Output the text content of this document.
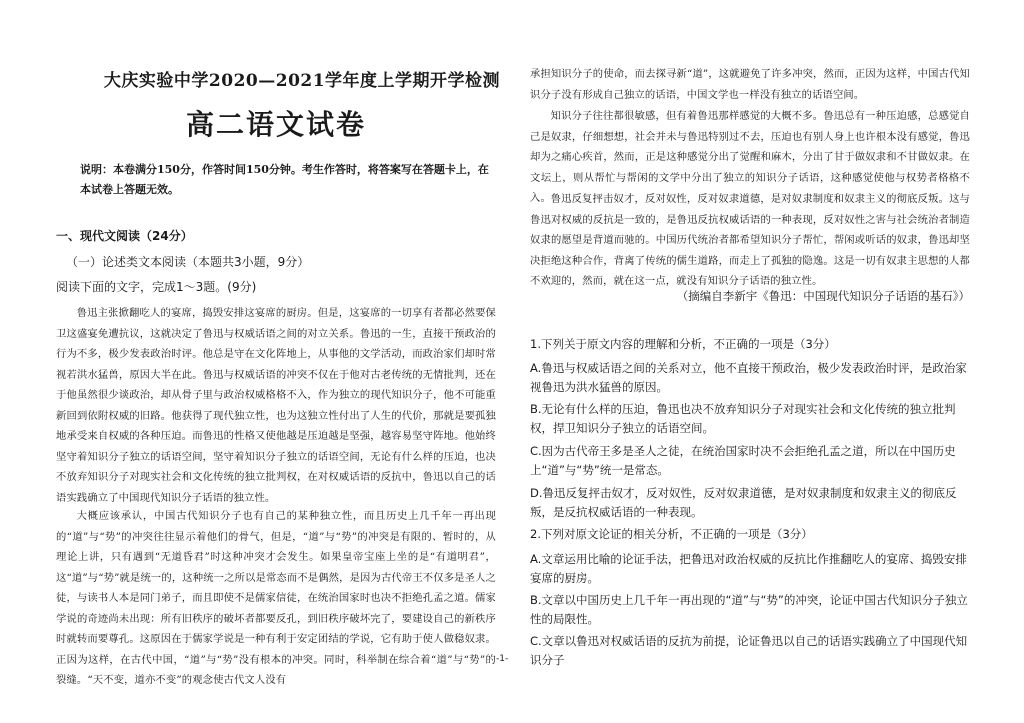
大庆实验中学2020—2021学年度上学期开学检测
高二语文试卷
说明：本卷满分150分，作答时间150分钟。考生作答时，将答案写在答题卡上，在本试卷上答题无效。
一、现代文阅读（24分）
（一）论述类文本阅读（本题共3小题，9分）
阅读下面的文字，完成1～3题。(9分)
鲁迅主张掀翻吃人的宴席，捣毁安排这宴席的厨房。但是，这宴席的一切享有者都必然要保卫这盛宴免遭抗议，这就决定了鲁迅与权威话语之间的对立关系。鲁迅的一生，直接干预政治的行为不多，极少发表政治时评。他总是守在文化阵地上，从事他的文学活动，而政治家们却时常视若洪水猛兽，原因大半在此。鲁迅与权威话语的冲突不仅在于他对古老传统的无情批判，还在于他虽然很少谈政治，却从骨子里与政治权威格格不入，作为独立的现代知识分子，他不可能重新回到依附权威的旧路。他获得了现代独立性，也为这独立性付出了人生的代价，那就是要孤独地承受来自权威的各种压迫。而鲁迅的性格又使他越是压迫越是坚强，越容易坚守阵地。他始终坚守着知识分子独立的话语空间，坚守着知识分子独立的话语空间，无论有什么样的压迫，也决不放弃知识分子对现实社会和文化传统的独立批判权，在对权威话语的反抗中，鲁迅以自己的话语实践确立了中国现代知识分子话语的独立性。
大概应该承认，中国古代知识分子也有自己的某种独立性，而且历史上几千年一再出现的“道”与“势”的冲突往往显示着他们的骨气，但是，“道”与“势”的冲突是有限的、暂时的，从理论上讲，只有遇到“无道昏君”时这种冲突才会发生。如果皇帝宝座上坐的是“有道明君”，这“道”与“势”就是统一的，这种统一之所以是常态而不是偶然，是因为古代帝王不仅多是圣人之徒，与读书人本是同门弟子，而且即使不是儒家信徒，在统治国家时也决不拒绝孔孟之道。儒家学说的奇迹尚未出现：所有旧秩序的破坏者都要反孔，到旧秩序破坏完了，要建设自己的新秩序时就转而要尊孔。这原因在于儒家学说是一种有利于安定团结的学说，它有助于使人做稳奴隶。正因为这样，在古代中国，“道”与“势”没有根本的冲突。同时，科举制在综合着“道”与“势”的裂缝。“天不变，道亦不变”的观念使古代文人没有
承担知识分子的使命，而去探寻新“道”，这就避免了许多冲突，然而，正因为这样，中国古代知识分子没有形成自己独立的话语，中国文学也一样没有独立的话语空间。
知识分子往往都很敏感，但有着鲁迅那样感觉的大概不多。鲁迅总有一种压迫感，总感觉自己是奴隶，仔细想想，社会并未与鲁迅特别过不去，压迫也有别人身上也许根本没有感觉，鲁迅却为之痛心疾首，然而，正是这种感觉分出了觉醒和麻木，分出了甘于做奴隶和不甘做奴隶。在文坛上，则从帮忙与帮闲的文学中分出了独立的知识分子话语，这种感觉使他与权势者格格不入。 鲁迅反复抨击奴才，反对奴性，反对奴隶道德，是对奴隶制度和奴隶主义的彻底反叛。这与鲁迅对权威的反抗是一致的，是鲁迅反抗权威话语的一种表现，反对奴性之害与社会统治者制造奴隶的愿望是背道而驰的。中国历代统治者都希望知识分子帮忙，帮闲或听话的奴隶，鲁迅却坚决拒绝这种合作，背离了传统的儒生道路，而走上了孤独的隐逸。这是一切有奴隶主思想的人都不欢迎的，然而，就在这一点，就没有知识分子话语的独立性。
（摘编自李新宇《鲁迅：中国现代知识分子话语的基石》）
1.下列关于原文内容的理解和分析，不正确的一项是（3分）
A.鲁迅与权威话语之间的关系对立，他不直接干预政治，极少发表政治时评，是政治家视鲁迅为洪水猛兽的原因。
B.无论有什么样的压迫，鲁迅也决不放弃知识分子对现实社会和文化传统的独立批判权，捍卫知识分子独立的话语空间。
C.因为古代帝王多是圣人之徒，在统治国家时决不会拒绝孔孟之道，所以在中国历史上“道”与“势”统一是常态。
D.鲁迅反复抨击奴才，反对奴性，反对奴隶道德，是对奴隶制度和奴隶主义的彻底反叛，是反抗权威话语的一种表现。
2.下列对原文论证的相关分析，不正确的一项是（3分）
A.文章运用比喻的论证手法，把鲁迅对政治权威的反抗比作推翻吃人的宴席、捣毁安排宴席的厨房。
B.文章以中国历史上几千年一再出现的“道”与“势”的冲突，论证中国古代知识分子独立性的局限性。
C.文章以鲁迅对权威话语的反抗为前提，论证鲁迅以自己的话语实践确立了中国现代知识分子
-1-
